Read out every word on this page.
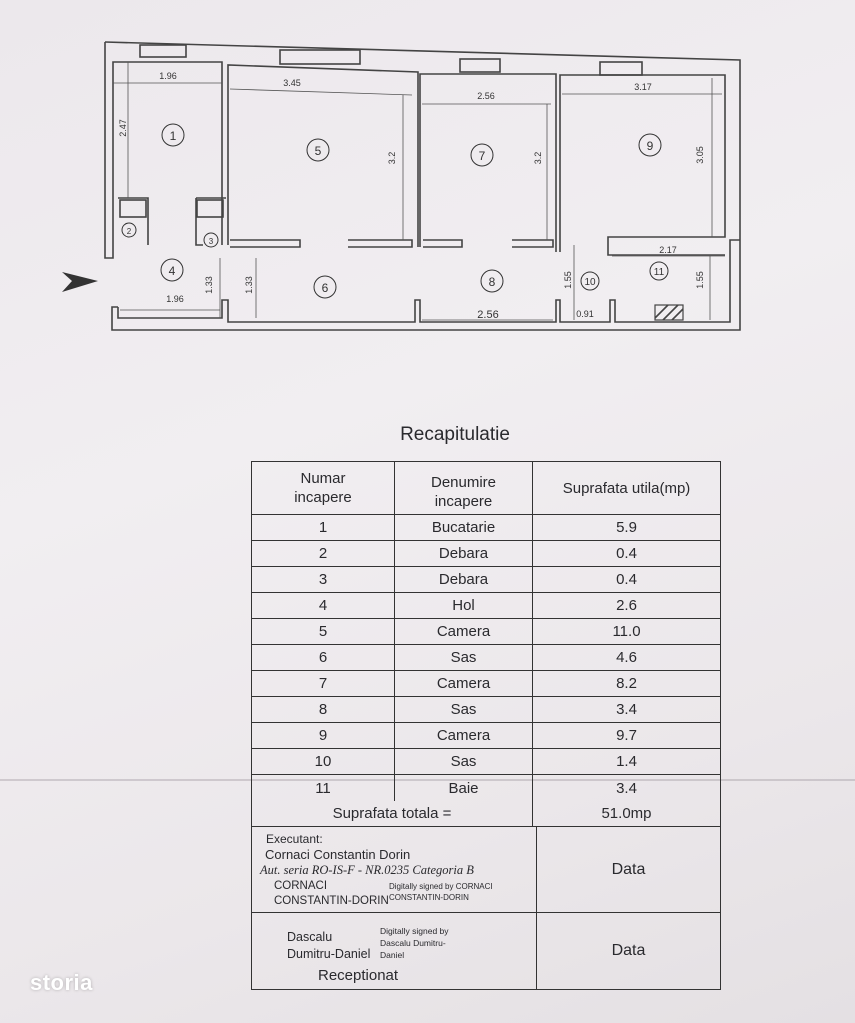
1.96
3.45
2.56
3.17
2.17
1.96
2.56	0.91
2.47
3.2	3.2	3.05
1.33	1.33	1.55	1.55
1
2
3
4
5
6
7
8
9
10
11
Recapitulatie
Numar
incapere
Denumire
incapere
Suprafata utila(mp)
1	Bucatarie	5.9
2	Debara	0.4
3	Debara	0.4
4	Hol	2.6
5	Camera	11.0
6	Sas	4.6
7	Camera	8.2
8	Sas	3.4
9	Camera	9.7
10	Sas	1.4
11	Baie	3.4
Suprafata totala =	51.0mp
Executant:
Cornaci Constantin Dorin
Aut. seria RO-IS-F - NR.0235 Categoria B
CORNACI
CONSTANTIN-DORIN
Digitally signed by CORNACI
CONSTANTIN-DORIN
Data
Dascalu
Dumitru-Daniel
Digitally signed by
Dascalu Dumitru-
Daniel
Receptionat
Data
storia
